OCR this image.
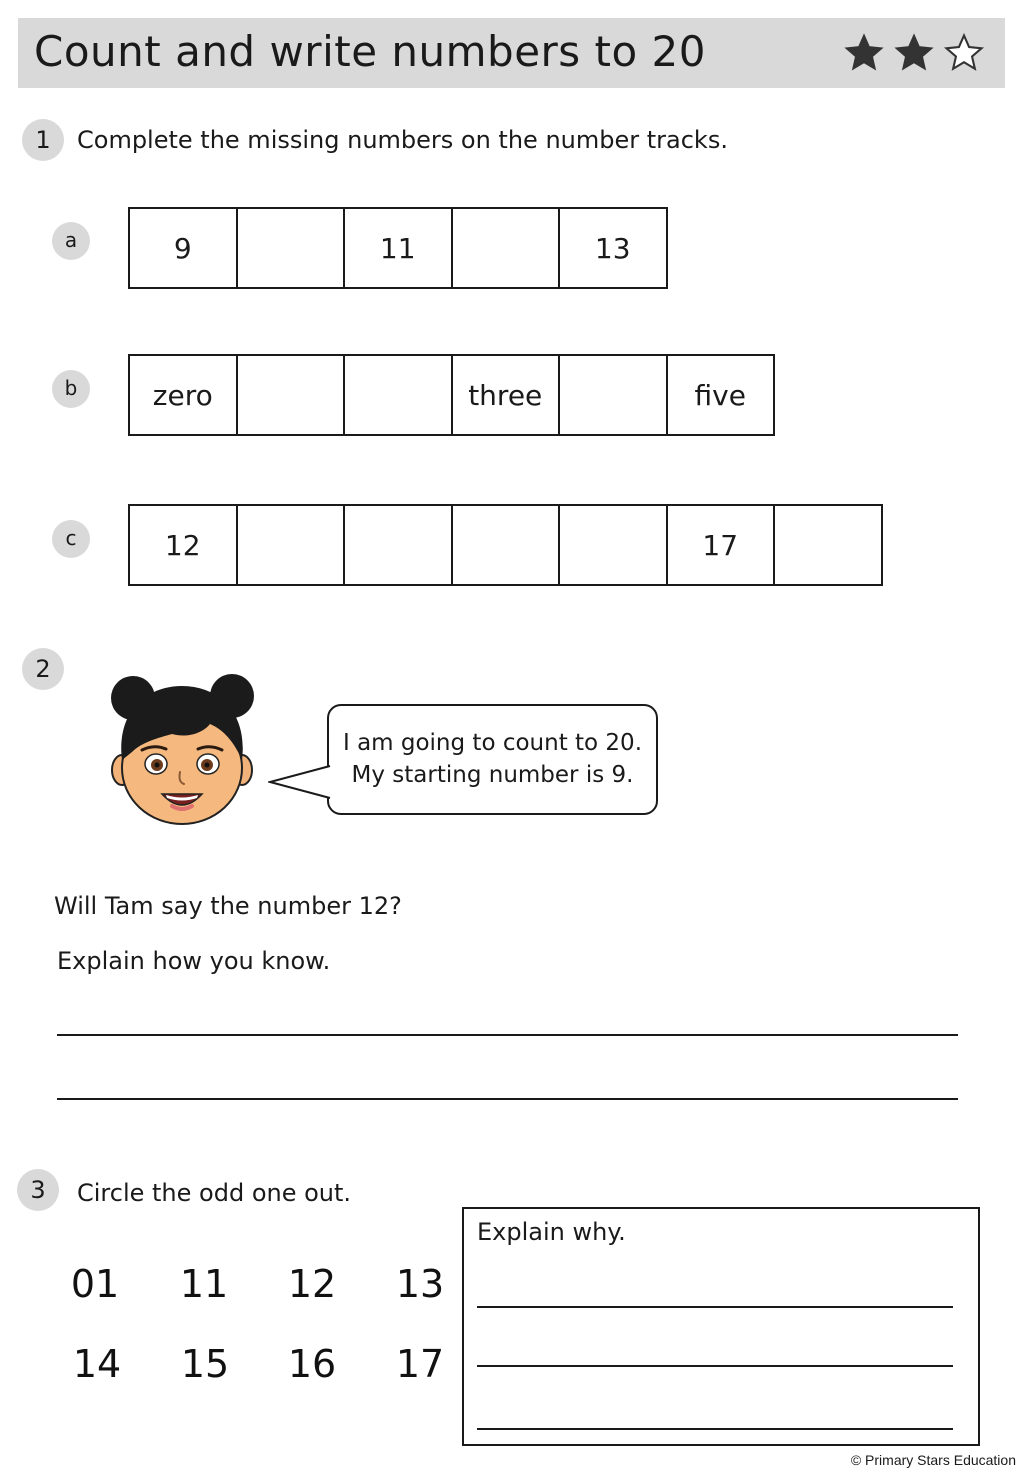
Count and write numbers to 20
1	Complete the missing numbers on the number tracks.
a	9	11	13
b	zero	three	five
c	12	17
2
I am going to count to 20.
My starting number is 9.
Will Tam say the number 12?
Explain how you know.
3	Circle the odd one out.
01	11	12	13
14	15	16	17
Explain why.
© Primary Stars Education
